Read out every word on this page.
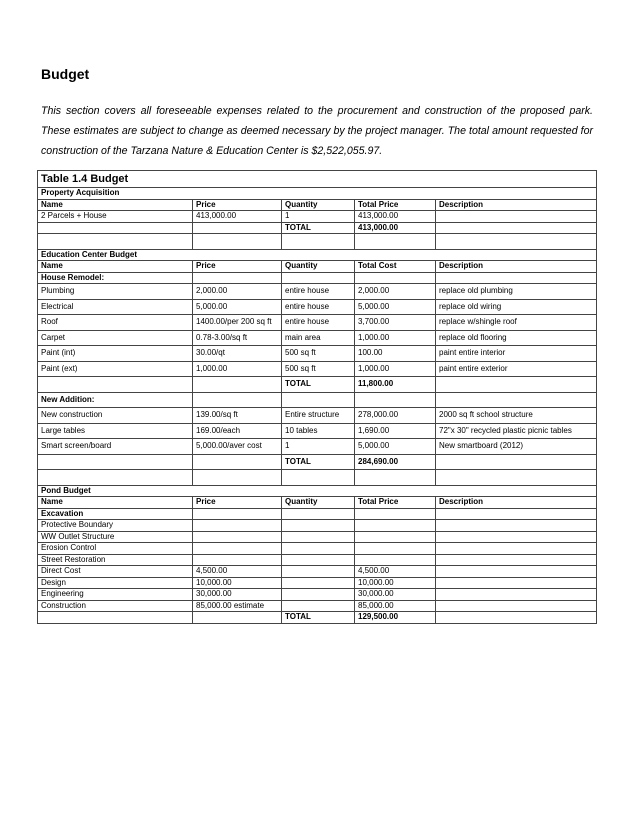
Budget

This section covers all foreseeable expenses related to the procurement and construction of the proposed park. These estimates are subject to change as deemed necessary by the project manager. The total amount requested for construction of the Tarzana Nature & Education Center is $2,522,055.97.

Table 1.4 Budget				
Property Acquisition				
Name	Price	Quantity	Total Price	Description
2 Parcels + House	413,000.00	1	413,000.00	
		TOTAL	413,000.00	

Education Center Budget				
Name	Price	Quantity	Total Cost	Description
House Remodel:				
Plumbing	2,000.00	entire house	2,000.00	replace old plumbing
Electrical	5,000.00	entire house	5,000.00	replace old wiring
Roof	1400.00/per 200 sq ft	entire house	3,700.00	replace w/shingle roof
Carpet	0.78-3.00/sq ft	main area	1,000.00	replace old flooring
Paint (int)	30.00/qt	500 sq ft	100.00	paint entire interior
Paint (ext)	1,000.00	500 sq ft	1,000.00	paint entire exterior
		TOTAL	11,800.00	
New Addition:				
New construction	139.00/sq ft	Entire structure	278,000.00	2000 sq ft school structure
Large tables	169.00/each	10 tables	1,690.00	72"x 30" recycled plastic picnic tables
Smart screen/board	5,000.00/aver cost	1	5,000.00	New smartboard (2012)
		TOTAL	284,690.00	

Pond Budget				
Name	Price	Quantity	Total Price	Description
Excavation				
Protective Boundary				
WW Outlet Structure				
Erosion Control				
Street Restoration				
Direct Cost	4,500.00		4,500.00	
Design	10,000.00		10,000.00	
Engineering	30,000.00		30,000.00	
Construction	85,000.00 estimate		85,000.00	
		TOTAL	129,500.00	
